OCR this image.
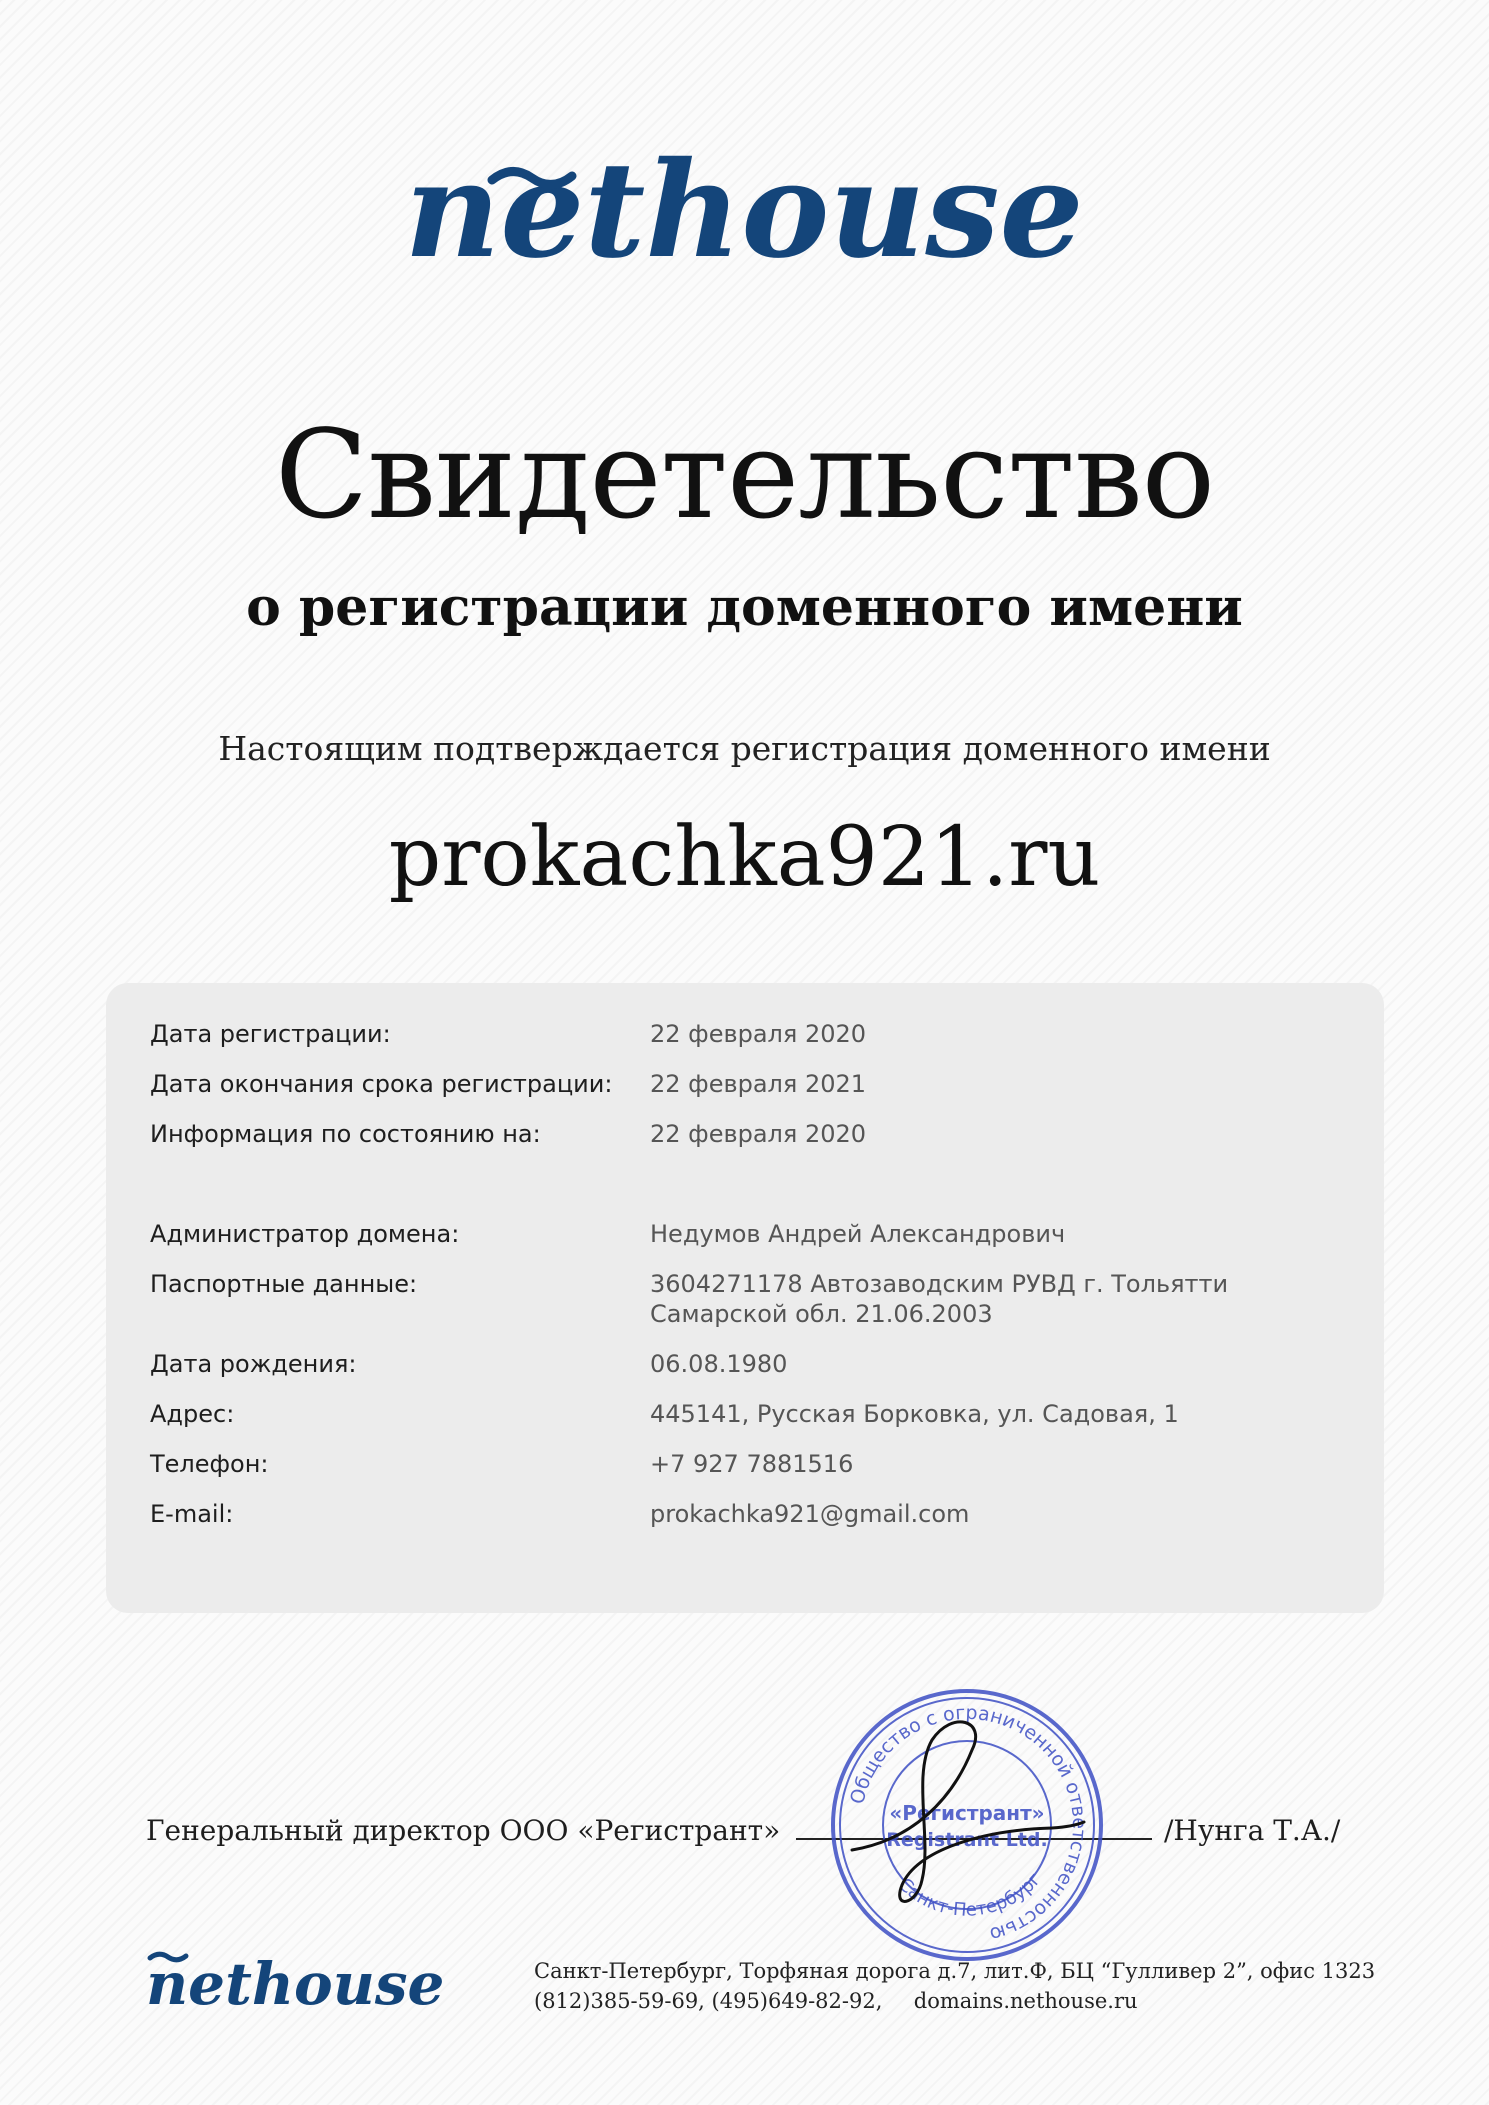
nethouse
Свидетельство
о регистрации доменного имени
Настоящим подтверждается регистрация доменного имени
prokachka921.ru
Дата регистрации:	22 февраля 2020
Дата окончания срока регистрации: 22 февраля 2021
Информация по состоянию на:	22 февраля 2020
Администратор домена:	Недумов Андрей Александрович
Паспортные данные:	3604271178 Автозаводским РУВД г. Тольятти Самарской обл. 21.06.2003
Дата рождения:	06.08.1980
Адрес:	445141, Русская Борковка, ул. Садовая, 1
Телефон:	+7 927 7881516
E-mail:	prokachka921@gmail.com
Генеральный директор ООО «Регистрант»	/Нунга Т.А./
Общество с ограниченной ответственностью
Санкт-Петербург
«Регистрант»
Registrant Ltd.
nethouse	Санкт-Петербург, Торфяная дорога д.7, лит.Ф, БЦ “Гулливер 2”, офис 1323
(812)385-59-69, (495)649-82-92, domains.nethouse.ru
